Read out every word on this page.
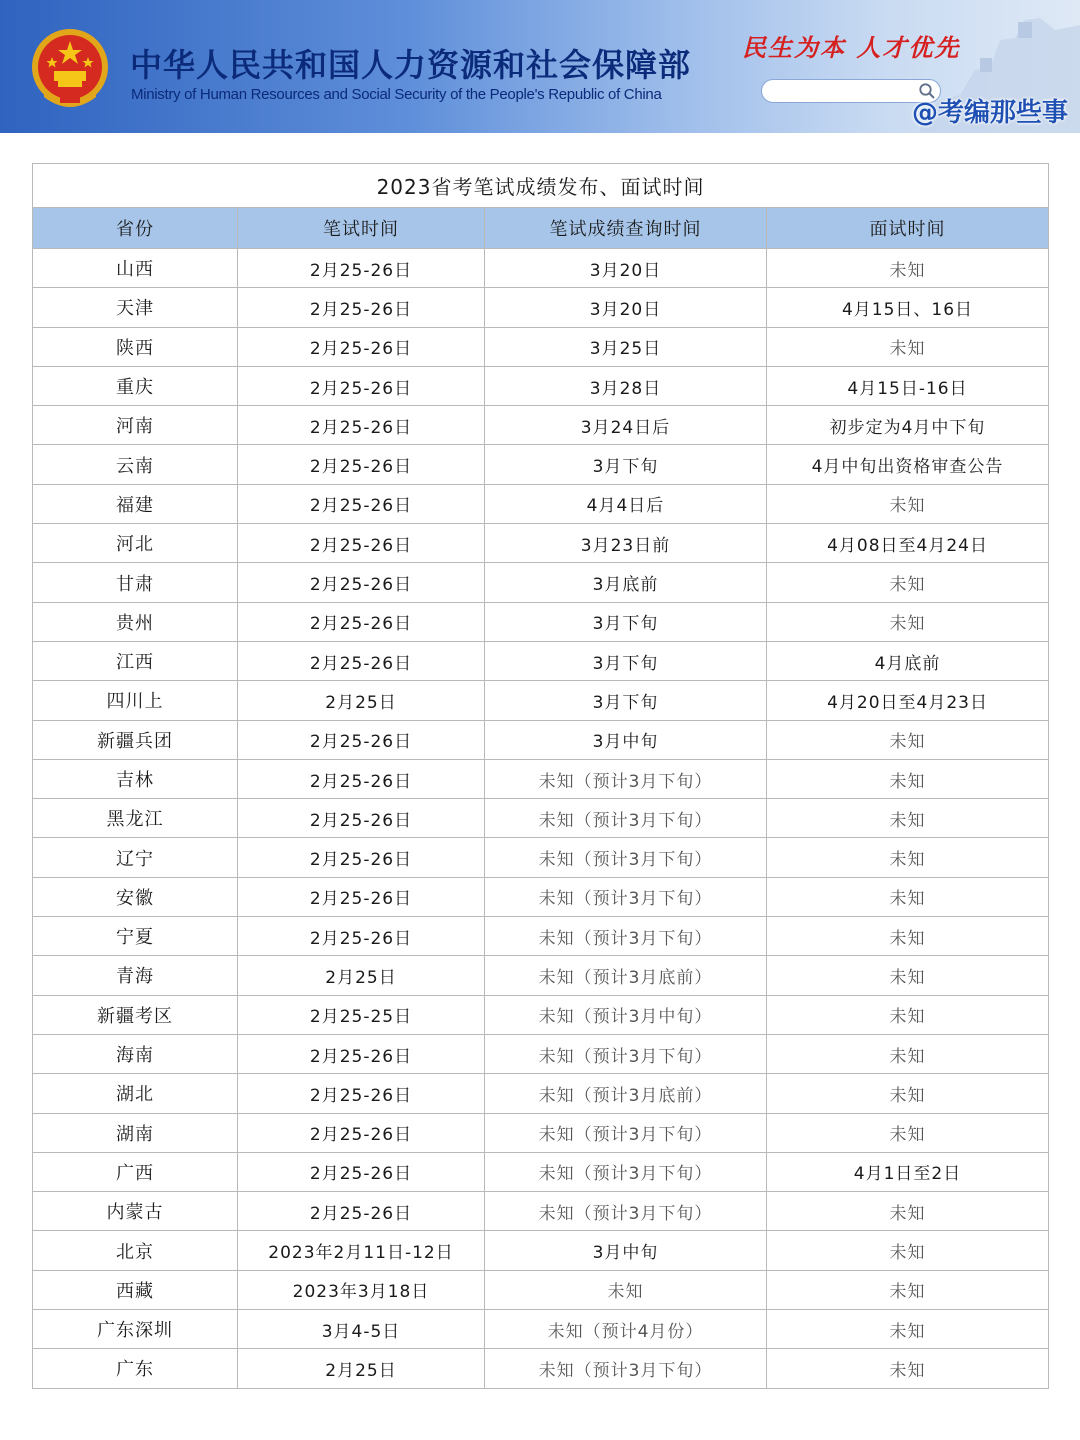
中华人民共和国人力资源和社会保障部
Ministry of Human Resources and Social Security of the People's Republic of China
民生为本 人才优先
@考编那些事
2023省考笔试成绩发布、面试时间			
省份	笔试时间	笔试成绩查询时间	面试时间
山西	2月25-26日	3月20日	未知
天津	2月25-26日	3月20日	4月15日、16日
陕西	2月25-26日	3月25日	未知
重庆	2月25-26日	3月28日	4月15日-16日
河南	2月25-26日	3月24日后	初步定为4月中下旬
云南	2月25-26日	3月下旬	4月中旬出资格审查公告
福建	2月25-26日	4月4日后	未知
河北	2月25-26日	3月23日前	4月08日至4月24日
甘肃	2月25-26日	3月底前	未知
贵州	2月25-26日	3月下旬	未知
江西	2月25-26日	3月下旬	4月底前
四川上	2月25日	3月下旬	4月20日至4月23日
新疆兵团	2月25-26日	3月中旬	未知
吉林	2月25-26日	未知（预计3月下旬）	未知
黑龙江	2月25-26日	未知（预计3月下旬）	未知
辽宁	2月25-26日	未知（预计3月下旬）	未知
安徽	2月25-26日	未知（预计3月下旬）	未知
宁夏	2月25-26日	未知（预计3月下旬）	未知
青海	2月25日	未知（预计3月底前）	未知
新疆考区	2月25-25日	未知（预计3月中旬）	未知
海南	2月25-26日	未知（预计3月下旬）	未知
湖北	2月25-26日	未知（预计3月底前）	未知
湖南	2月25-26日	未知（预计3月下旬）	未知
广西	2月25-26日	未知（预计3月下旬）	4月1日至2日
内蒙古	2月25-26日	未知（预计3月下旬）	未知
北京	2023年2月11日-12日	3月中旬	未知
西藏	2023年3月18日	未知	未知
广东深圳	3月4-5日	未知（预计4月份）	未知
广东	2月25日	未知（预计3月下旬）	未知
